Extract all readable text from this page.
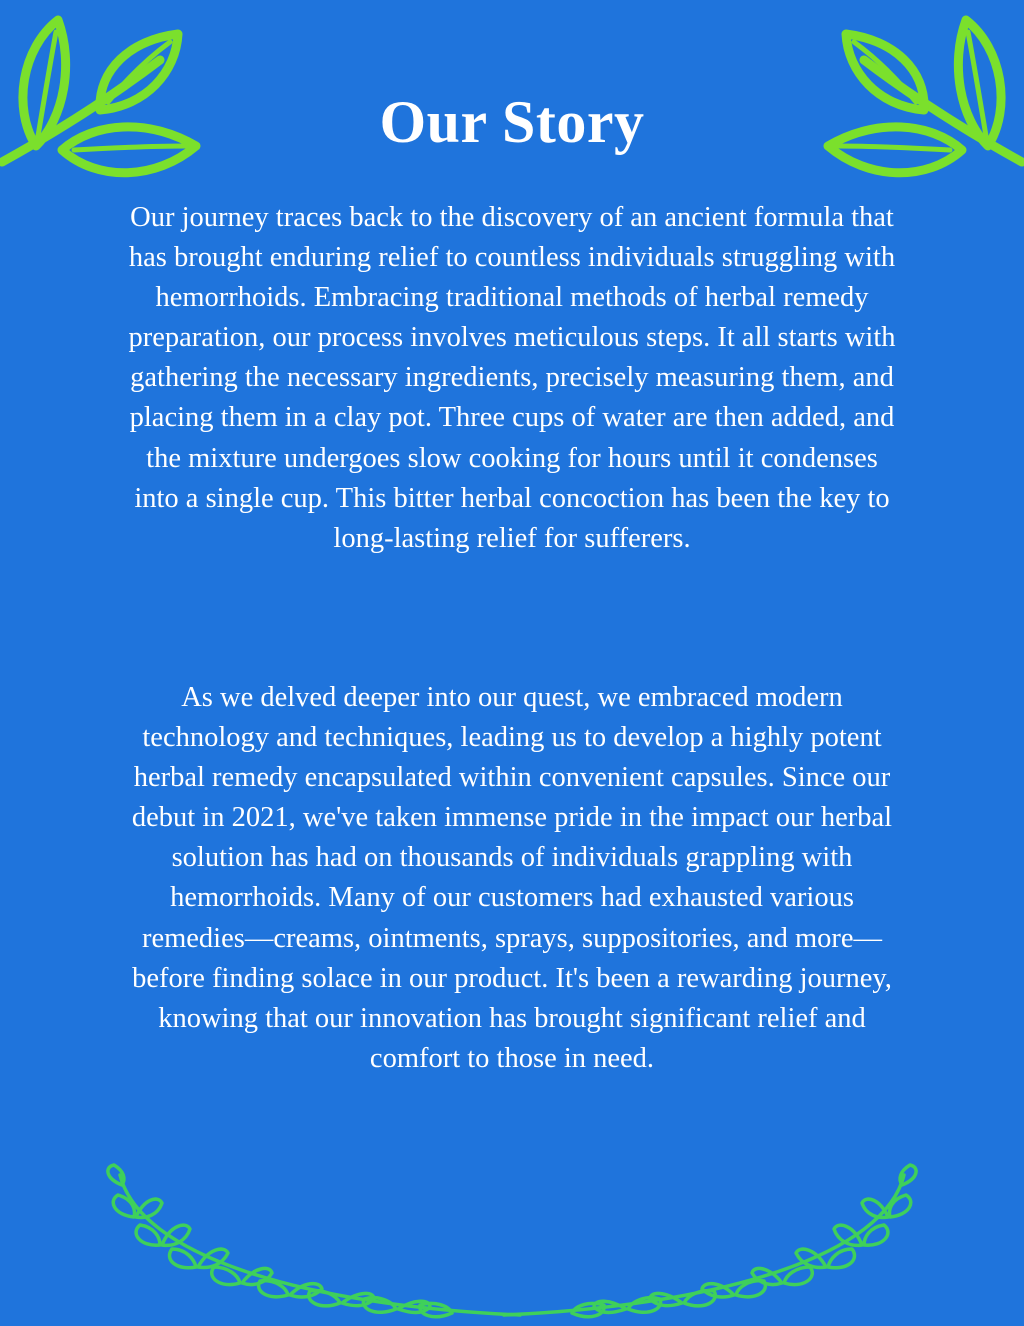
Our Story

Our journey traces back to the discovery of an ancient formula that has brought enduring relief to countless individuals struggling with hemorrhoids. Embracing traditional methods of herbal remedy preparation, our process involves meticulous steps. It all starts with gathering the necessary ingredients, precisely measuring them, and placing them in a clay pot. Three cups of water are then added, and the mixture undergoes slow cooking for hours until it condenses into a single cup. This bitter herbal concoction has been the key to long-lasting relief for sufferers.

As we delved deeper into our quest, we embraced modern technology and techniques, leading us to develop a highly potent herbal remedy encapsulated within convenient capsules. Since our debut in 2021, we've taken immense pride in the impact our herbal solution has had on thousands of individuals grappling with hemorrhoids. Many of our customers had exhausted various remedies—creams, ointments, sprays, suppositories, and more—before finding solace in our product. It's been a rewarding journey, knowing that our innovation has brought significant relief and comfort to those in need.
